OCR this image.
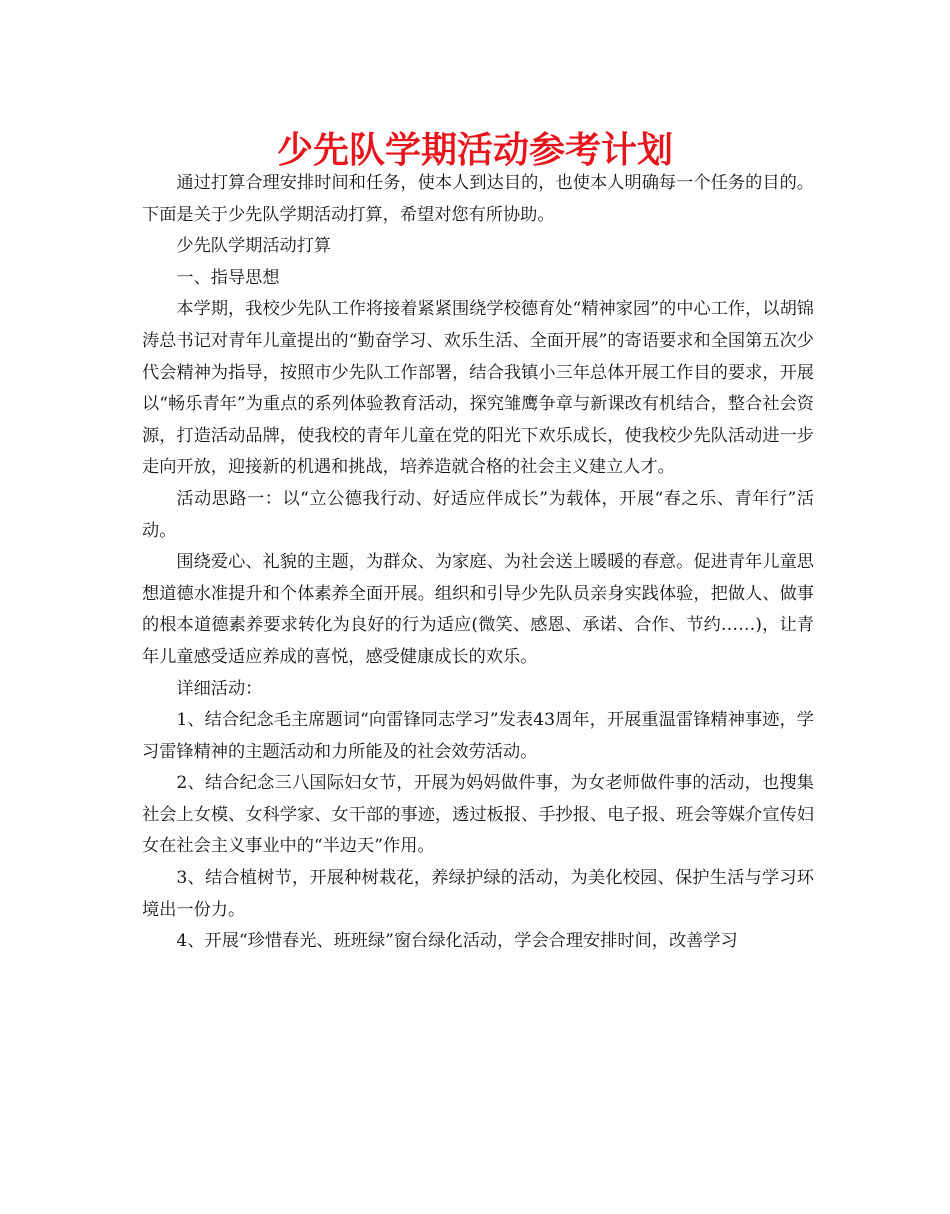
少先队学期活动参考计划

通过打算合理安排时间和任务，使本人到达目的，也使本人明确每一个任务的目的。下面是关于少先队学期活动打算，希望对您有所协助。

少先队学期活动打算

一、指导思想

本学期，我校少先队工作将接着紧紧围绕学校德育处“精神家园”的中心工作，以胡锦涛总书记对青年儿童提出的“勤奋学习、欢乐生活、全面开展”的寄语要求和全国第五次少代会精神为指导，按照市少先队工作部署，结合我镇小三年总体开展工作目的要求，开展以“畅乐青年”为重点的系列体验教育活动，探究雏鹰争章与新课改有机结合，整合社会资源，打造活动品牌，使我校的青年儿童在党的阳光下欢乐成长，使我校少先队活动进一步走向开放，迎接新的机遇和挑战，培养造就合格的社会主义建立人才。

活动思路一：以“立公德我行动、好适应伴成长”为载体，开展“春之乐、青年行”活动。

围绕爱心、礼貌的主题，为群众、为家庭、为社会送上暖暖的春意。促进青年儿童思想道德水准提升和个体素养全面开展。组织和引导少先队员亲身实践体验，把做人、做事的根本道德素养要求转化为良好的行为适应(微笑、感恩、承诺、合作、节约……)，让青年儿童感受适应养成的喜悦，感受健康成长的欢乐。

详细活动：

1、结合纪念毛主席题词“向雷锋同志学习”发表43周年，开展重温雷锋精神事迹，学习雷锋精神的主题活动和力所能及的社会效劳活动。

2、结合纪念三八国际妇女节，开展为妈妈做件事，为女老师做件事的活动，也搜集社会上女模、女科学家、女干部的事迹，透过板报、手抄报、电子报、班会等媒介宣传妇女在社会主义事业中的“半边天”作用。

3、结合植树节，开展种树栽花，养绿护绿的活动，为美化校园、保护生活与学习环境出一份力。

4、开展“珍惜春光、班班绿”窗台绿化活动，学会合理安排时间，改善学习
